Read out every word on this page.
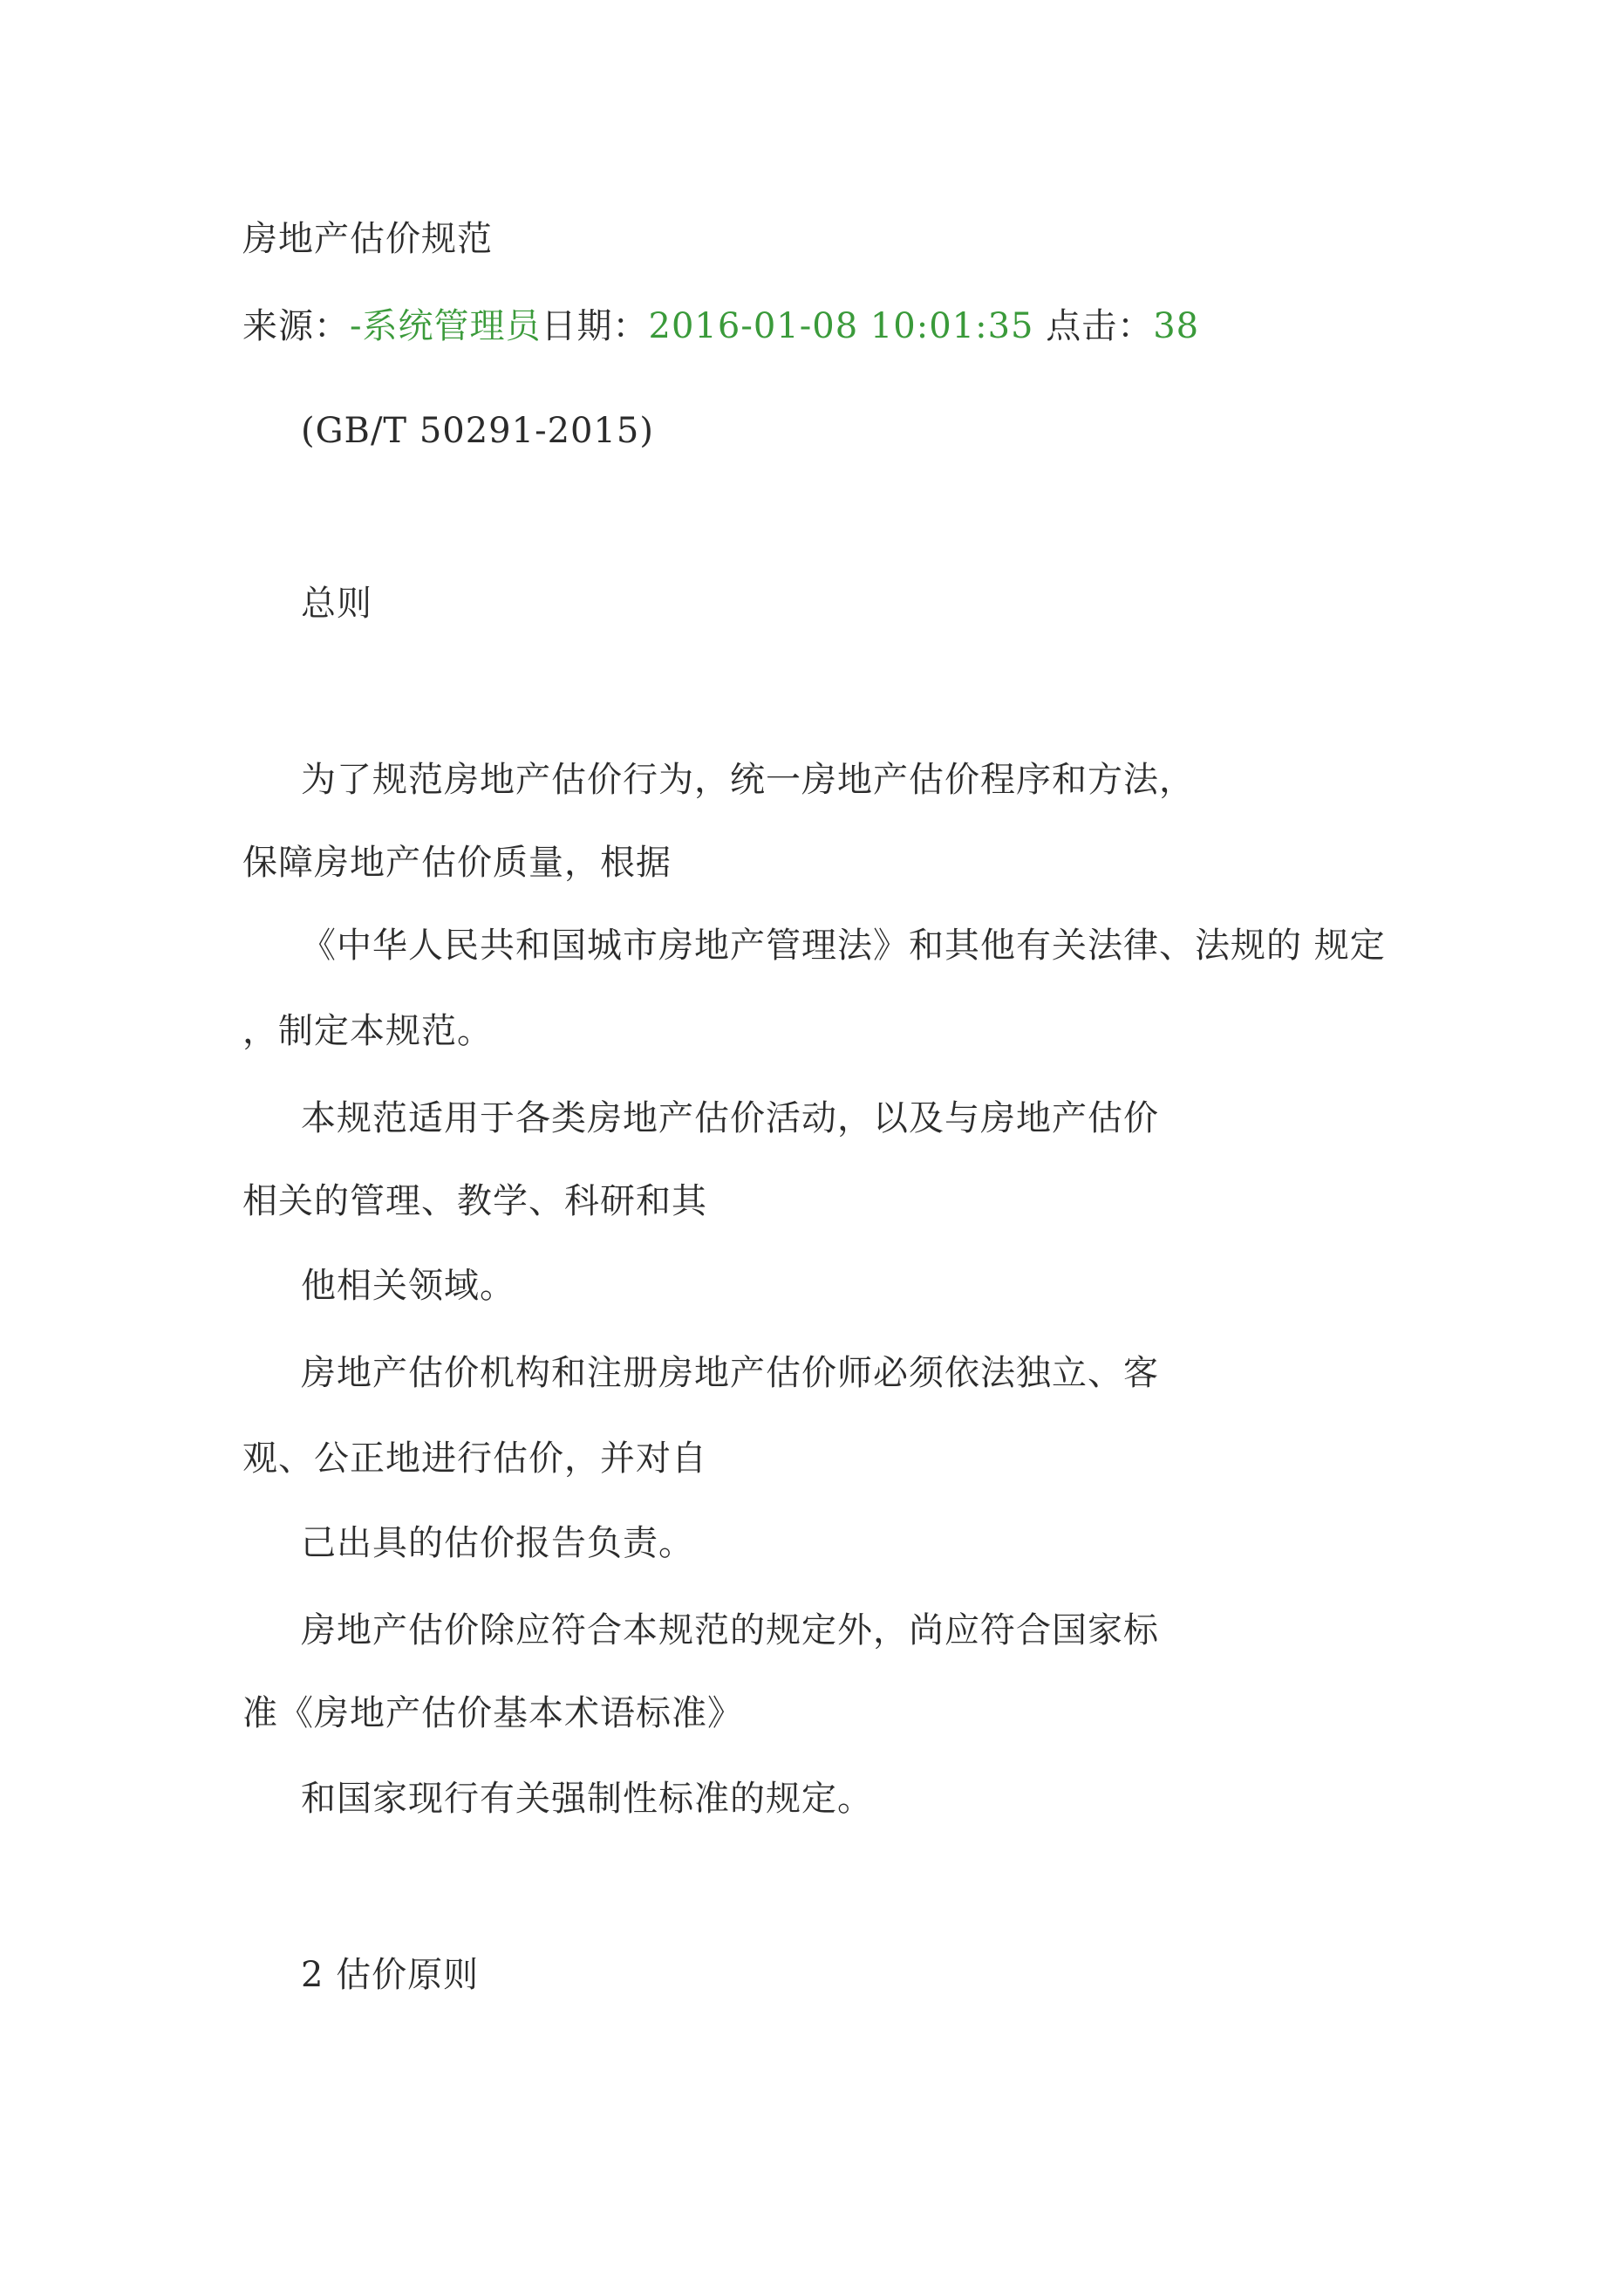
房地产估价规范
来源：-系统管理员日期：2016-01-08 10:01:35 点击：38
(GB/T 50291-2015)
总则
为了规范房地产估价行为，统一房地产估价程序和方法，
保障房地产估价质量，根据
《中华人民共和国城市房地产管理法》和其他有关法律、法规的 规定
，制定本规范。
本规范适用于各类房地产估价活动，以及与房地产估价
相关的管理、教学、科研和其
他相关领域。
房地产估价机构和注册房地产估价师必须依法独立、客
观、公正地进行估价，并对自
己出具的估价报告负责。
房地产估价除应符合本规范的规定外，尚应符合国家标
准《房地产估价基本术语标准》
和国家现行有关强制性标准的规定。
2 估价原则
